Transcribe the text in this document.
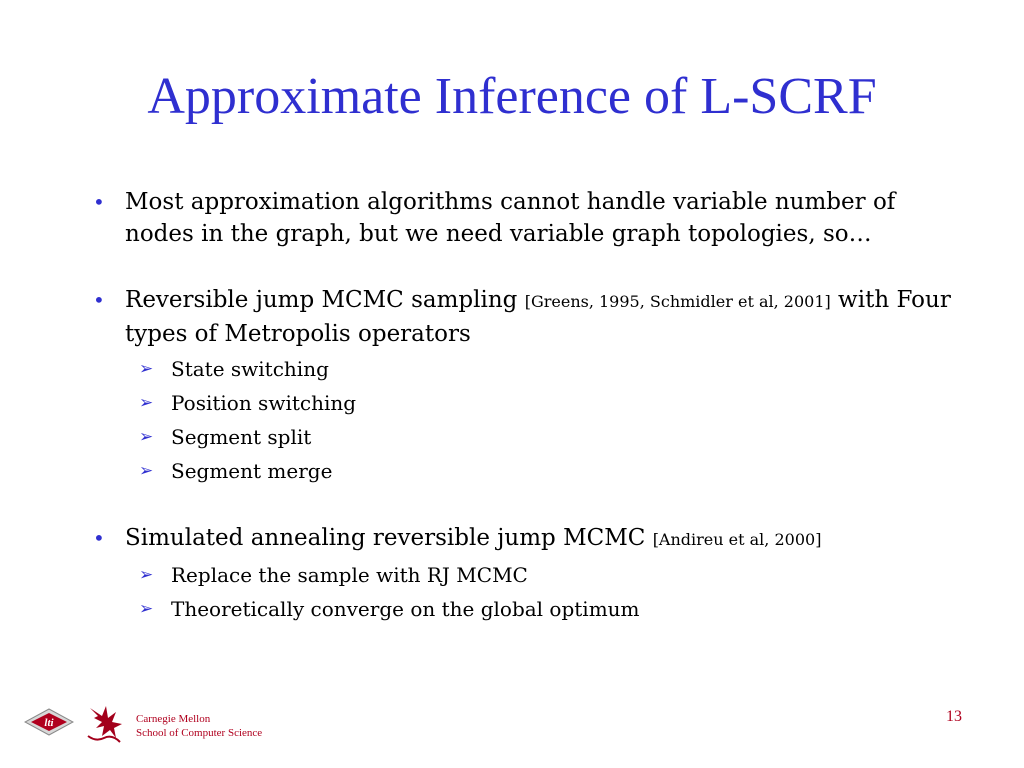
Approximate Inference of L-SCRF
• Most approximation algorithms cannot handle variable number of nodes in the graph, but we need variable graph topologies, so…
• Reversible jump MCMC sampling [Greens, 1995, Schmidler et al, 2001] with Four types of Metropolis operators
➢ State switching
➢ Position switching
➢ Segment split
➢ Segment merge
• Simulated annealing reversible jump MCMC [Andireu et al, 2000]
➢ Replace the sample with RJ MCMC
➢ Theoretically converge on the global optimum
lti	Carnegie Mellon
School of Computer Science
13
